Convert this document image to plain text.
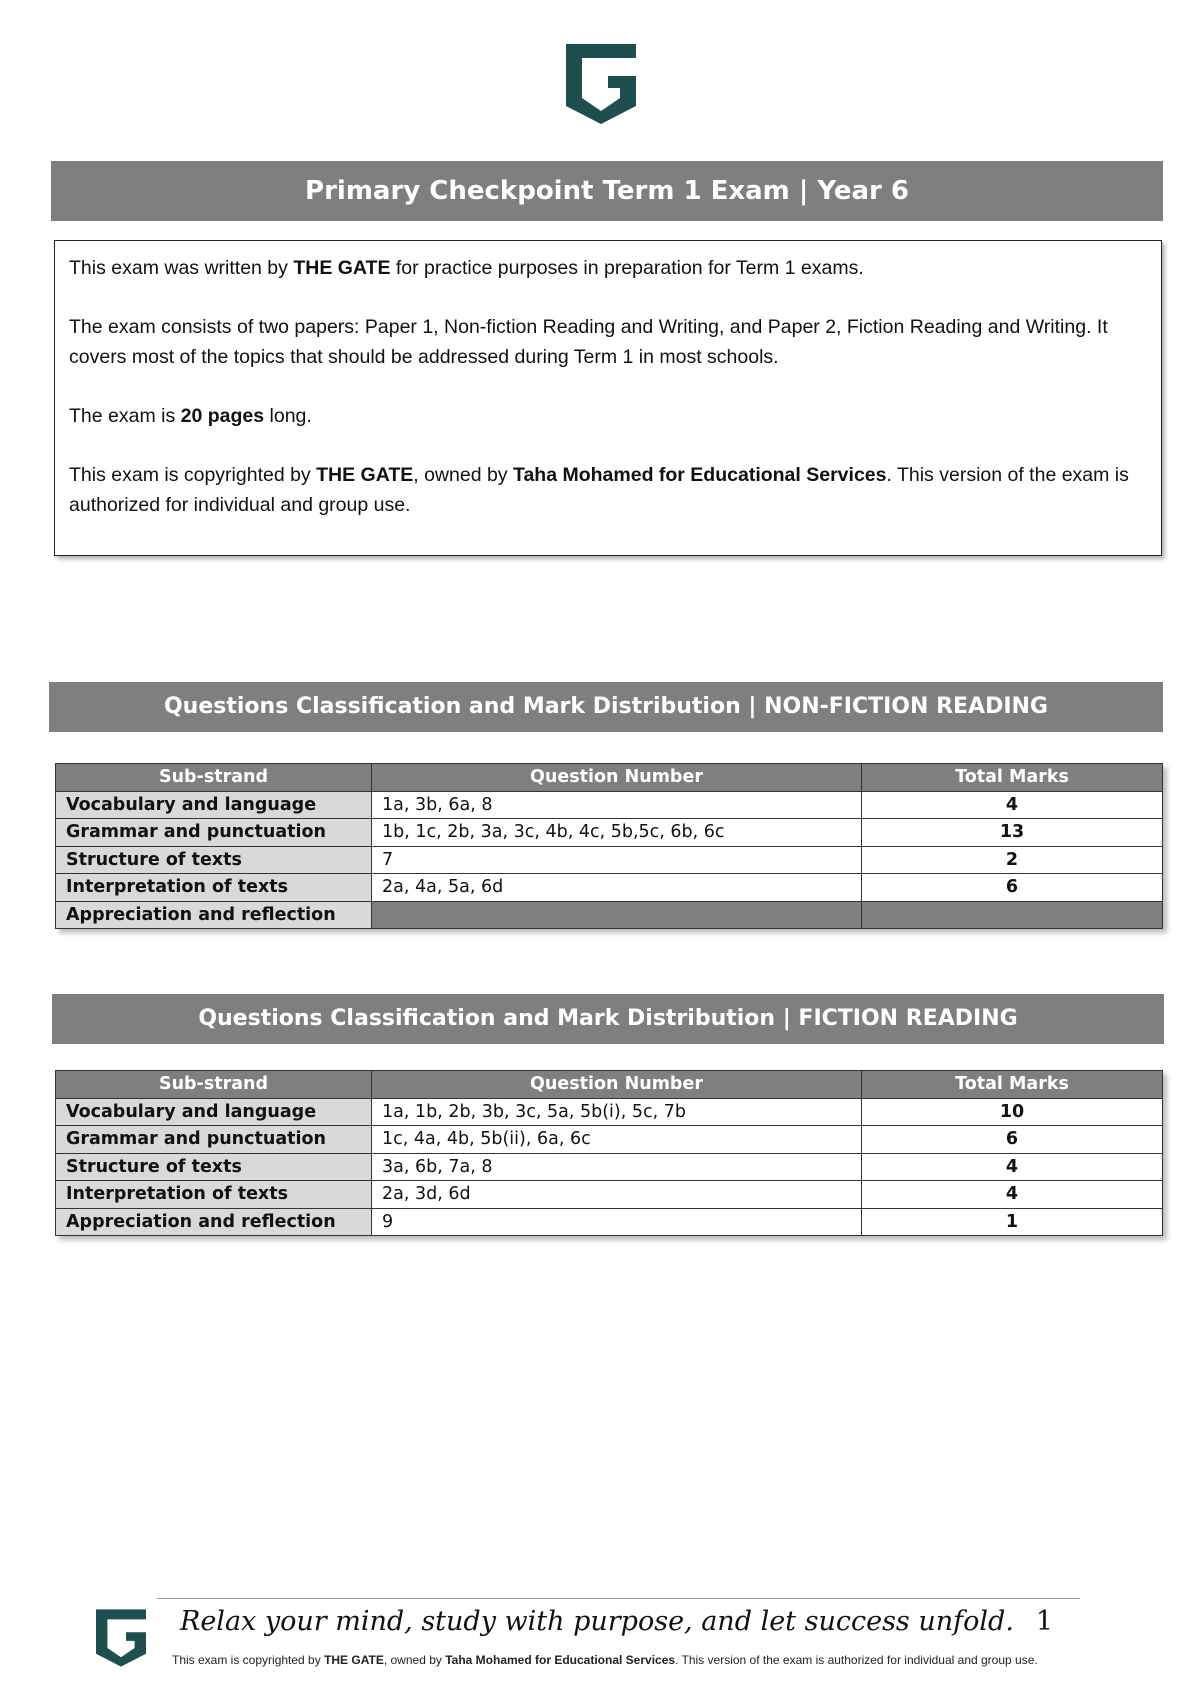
Primary Checkpoint Term 1 Exam | Year 6

This exam was written by THE GATE for practice purposes in preparation for Term 1 exams.

The exam consists of two papers: Paper 1, Non-fiction Reading and Writing, and Paper 2, Fiction Reading and Writing. It covers most of the topics that should be addressed during Term 1 in most schools.

The exam is 20 pages long.

This exam is copyrighted by THE GATE, owned by Taha Mohamed for Educational Services. This version of the exam is authorized for individual and group use.

Questions Classification and Mark Distribution | NON-FICTION READING
Sub-strand	Question Number	Total Marks
Vocabulary and language	1a, 3b, 6a, 8	4
Grammar and punctuation	1b, 1c, 2b, 3a, 3c, 4b, 4c, 5b,5c, 6b, 6c	13
Structure of texts	7	2
Interpretation of texts	2a, 4a, 5a, 6d	6
Appreciation and reflection		
Questions Classification and Mark Distribution | FICTION READING
Sub-strand	Question Number	Total Marks
Vocabulary and language	1a, 1b, 2b, 3b, 3c, 5a, 5b(i), 5c, 7b	10
Grammar and punctuation	1c, 4a, 4b, 5b(ii), 6a, 6c	6
Structure of texts	3a, 6b, 7a, 8	4
Interpretation of texts	2a, 3d, 6d	4
Appreciation and reflection	9	1
Relax your mind, study with purpose, and let success unfold. 1
This exam is copyrighted by THE GATE, owned by Taha Mohamed for Educational Services. This version of the exam is authorized for individual and group use.
